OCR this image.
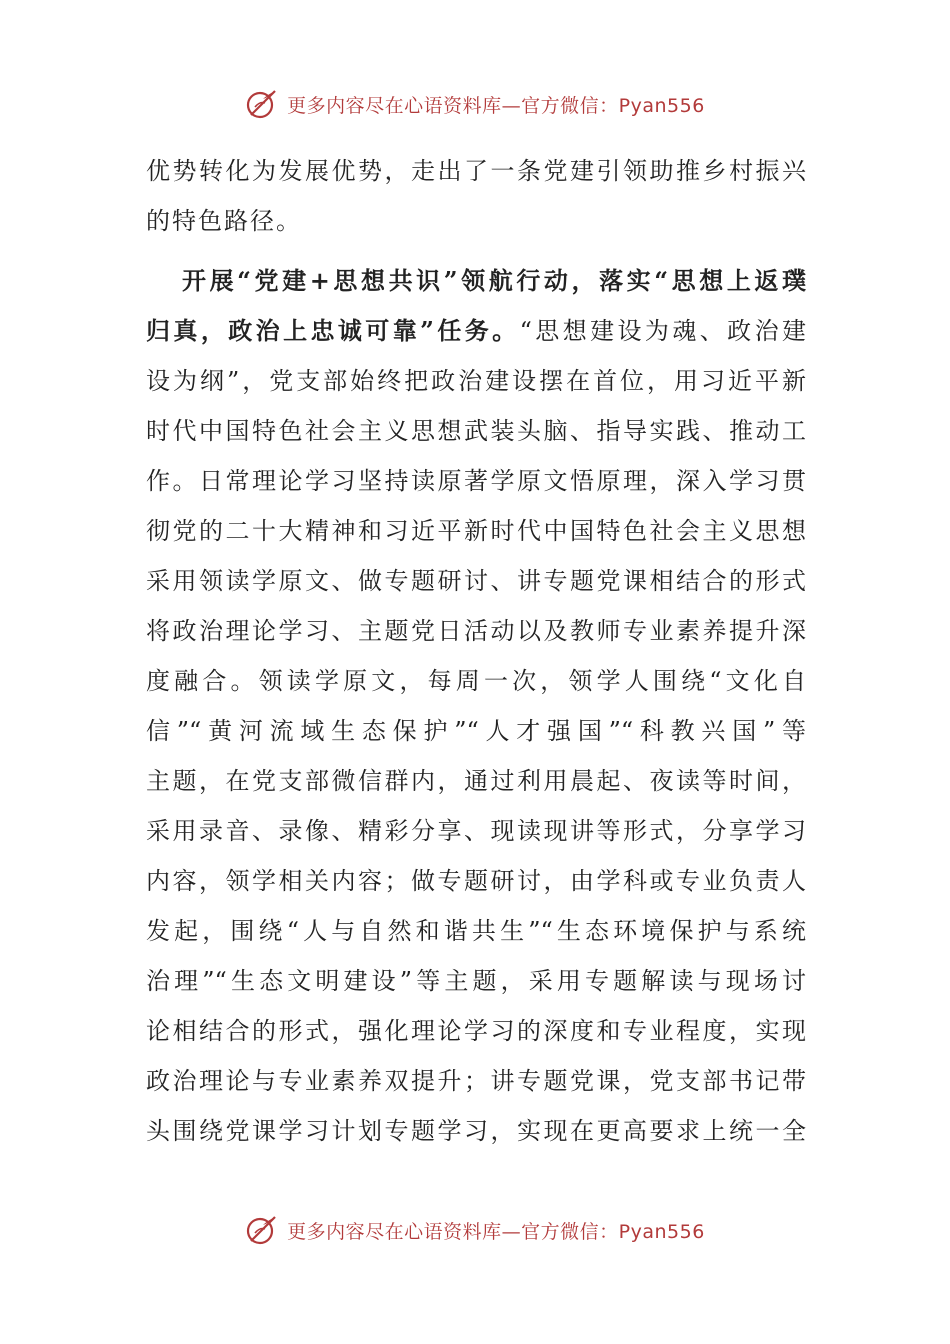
更多内容尽在心语资料库—官方微信：Pyan556
优势转化为发展优势，走出了一条党建引领助推乡村振兴
的特色路径。
开展“党建+思想共识”领航行动，落实“思想上返璞
归真，政治上忠诚可靠”任务。“思想建设为魂、政治建
设为纲”，党支部始终把政治建设摆在首位，用习近平新
时代中国特色社会主义思想武装头脑、指导实践、推动工
作。日常理论学习坚持读原著学原文悟原理，深入学习贯
彻党的二十大精神和习近平新时代中国特色社会主义思想
采用领读学原文、做专题研讨、讲专题党课相结合的形式
将政治理论学习、主题党日活动以及教师专业素养提升深
度融合。领读学原文，每周一次，领学人围绕“文化自
信”“黄河流域生态保护”“人才强国”“科教兴国”等
主题，在党支部微信群内，通过利用晨起、夜读等时间，
采用录音、录像、精彩分享、现读现讲等形式，分享学习
内容，领学相关内容；做专题研讨，由学科或专业负责人
发起，围绕“人与自然和谐共生”“生态环境保护与系统
治理”“生态文明建设”等主题，采用专题解读与现场讨
论相结合的形式，强化理论学习的深度和专业程度，实现
政治理论与专业素养双提升；讲专题党课，党支部书记带
头围绕党课学习计划专题学习，实现在更高要求上统一全
更多内容尽在心语资料库—官方微信：Pyan556
